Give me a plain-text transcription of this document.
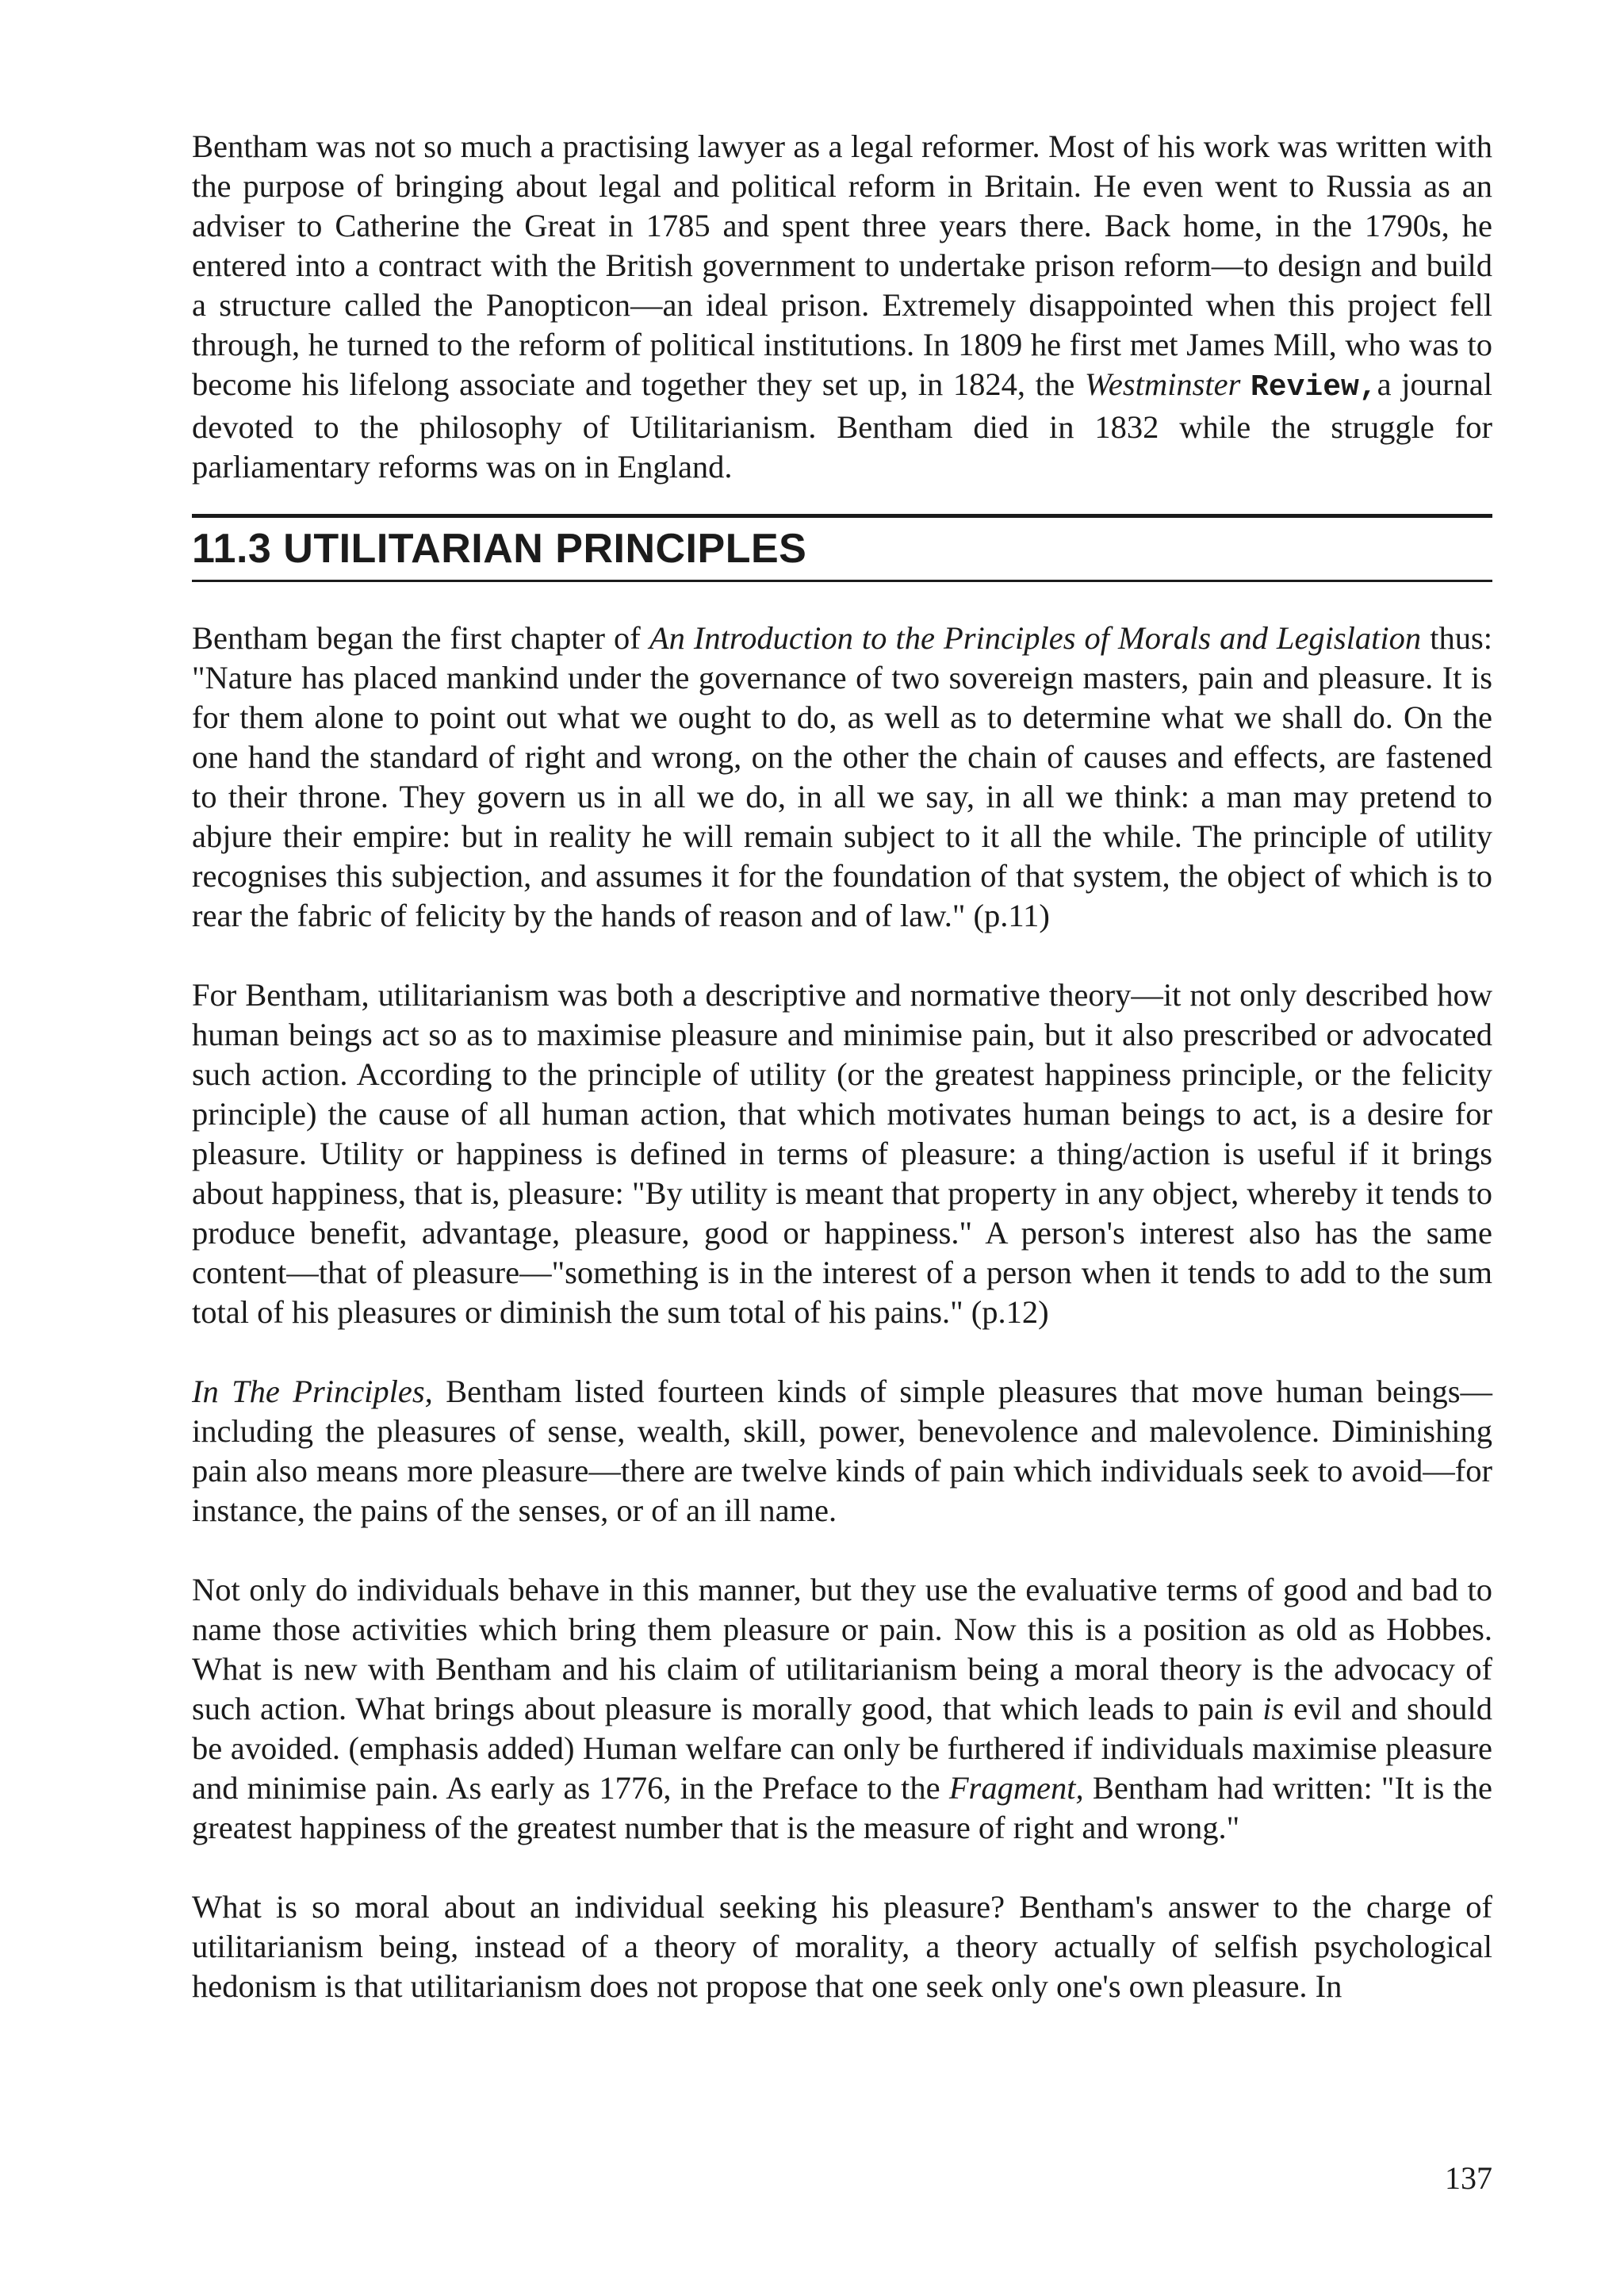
Bentham was not so much a practising lawyer as a legal reformer. Most of his work was written with the purpose of bringing about legal and political reform in Britain. He even went to Russia as an adviser to Catherine the Great in 1785 and spent three years there. Back home, in the 1790s, he entered into a contract with the British government to undertake prison reform—to design and build a structure called the Panopticon—an ideal prison. Extremely disappointed when this project fell through, he turned to the reform of political institutions. In 1809 he first met James Mill, who was to become his lifelong associate and together they set up, in 1824, the Westminster Review,a journal devoted to the philosophy of Utilitarianism. Bentham died in 1832 while the struggle for parliamentary reforms was on in England.

11.3 UTILITARIAN PRINCIPLES

Bentham began the first chapter of An Introduction to the Principles of Morals and Legislation thus: "Nature has placed mankind under the governance of two sovereign masters, pain and pleasure. It is for them alone to point out what we ought to do, as well as to determine what we shall do. On the one hand the standard of right and wrong, on the other the chain of causes and effects, are fastened to their throne. They govern us in all we do, in all we say, in all we think: a man may pretend to abjure their empire: but in reality he will remain subject to it all the while. The principle of utility recognises this subjection, and assumes it for the foundation of that system, the object of which is to rear the fabric of felicity by the hands of reason and of law." (p.11)

For Bentham, utilitarianism was both a descriptive and normative theory—it not only described how human beings act so as to maximise pleasure and minimise pain, but it also prescribed or advocated such action. According to the principle of utility (or the greatest happiness principle, or the felicity principle) the cause of all human action, that which motivates human beings to act, is a desire for pleasure. Utility or happiness is defined in terms of pleasure: a thing/action is useful if it brings about happiness, that is, pleasure: "By utility is meant that property in any object, whereby it tends to produce benefit, advantage, pleasure, good or happiness." A person's interest also has the same content—that of pleasure—"something is in the interest of a person when it tends to add to the sum total of his pleasures or diminish the sum total of his pains." (p.12)

In The Principles, Bentham listed fourteen kinds of simple pleasures that move human beings—including the pleasures of sense, wealth, skill, power, benevolence and malevolence. Diminishing pain also means more pleasure—there are twelve kinds of pain which individuals seek to avoid—for instance, the pains of the senses, or of an ill name.

Not only do individuals behave in this manner, but they use the evaluative terms of good and bad to name those activities which bring them pleasure or pain. Now this is a position as old as Hobbes. What is new with Bentham and his claim of utilitarianism being a moral theory is the advocacy of such action. What brings about pleasure is morally good, that which leads to pain is evil and should be avoided. (emphasis added) Human welfare can only be furthered if individuals maximise pleasure and minimise pain. As early as 1776, in the Preface to the Fragment, Bentham had written: "It is the greatest happiness of the greatest number that is the measure of right and wrong."

What is so moral about an individual seeking his pleasure? Bentham's answer to the charge of utilitarianism being, instead of a theory of morality, a theory actually of selfish psychological hedonism is that utilitarianism does not propose that one seek only one's own pleasure. In

137
